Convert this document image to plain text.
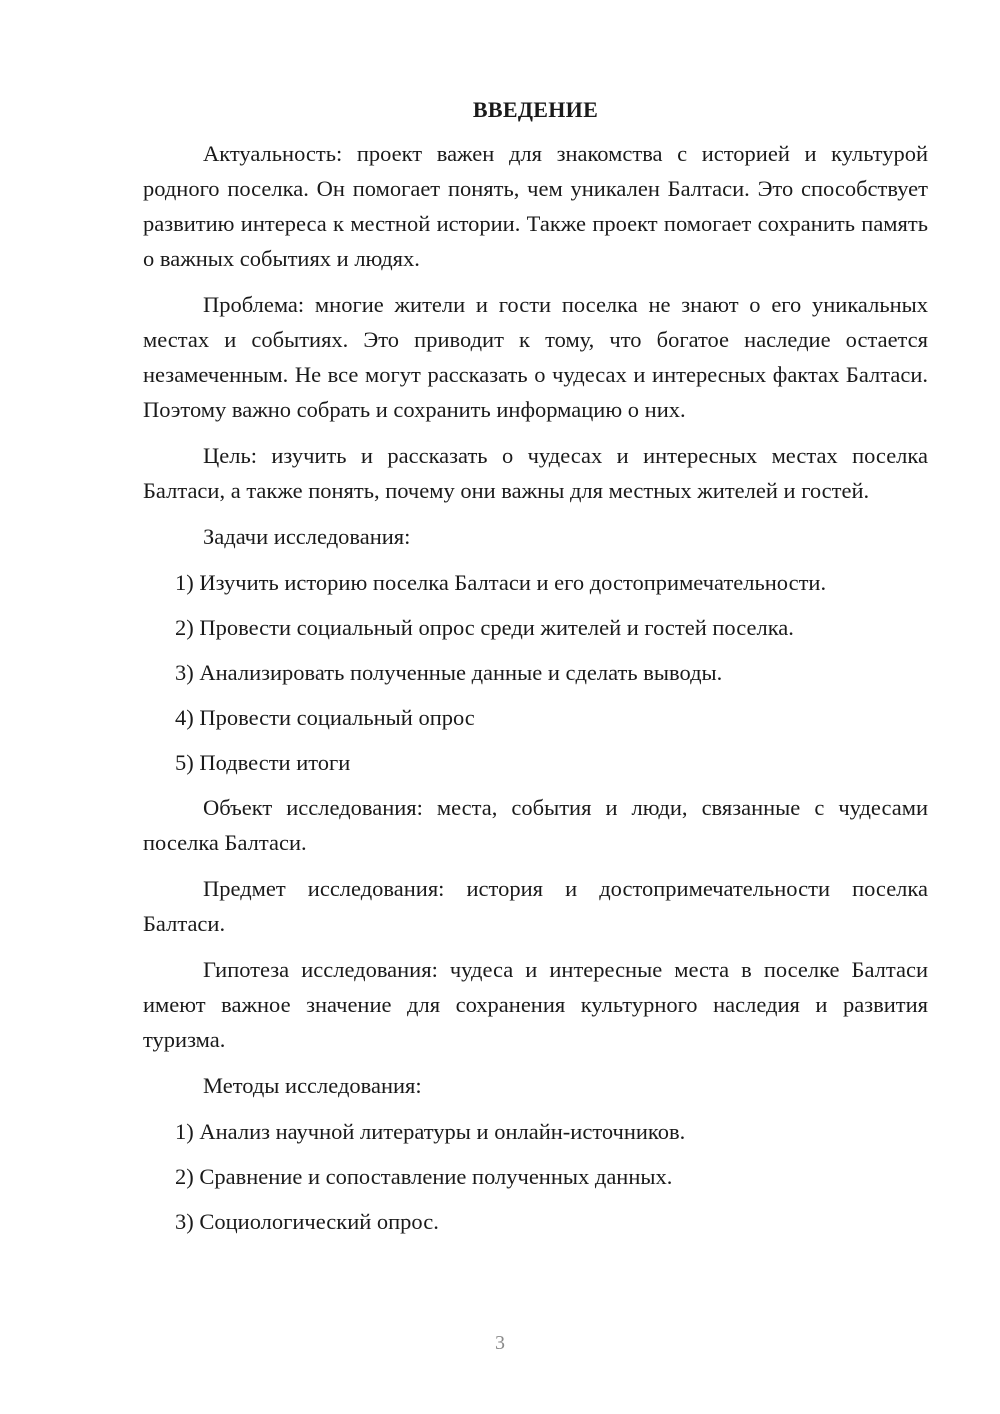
ВВЕДЕНИЕ

Актуальность: проект важен для знакомства с историей и культурой родного поселка. Он помогает понять, чем уникален Балтаси. Это способствует развитию интереса к местной истории. Также проект помогает сохранить память о важных событиях и людях.

Проблема: многие жители и гости поселка не знают о его уникальных местах и событиях. Это приводит к тому, что богатое наследие остается незамеченным. Не все могут рассказать о чудесах и интересных фактах Балтаси. Поэтому важно собрать и сохранить информацию о них.

Цель: изучить и рассказать о чудесах и интересных местах поселка Балтаси, а также понять, почему они важны для местных жителей и гостей.

Задачи исследования:

1) Изучить историю поселка Балтаси и его достопримечательности.

2) Провести социальный опрос среди жителей и гостей поселка.

3) Анализировать полученные данные и сделать выводы.

4) Провести социальный опрос

5) Подвести итоги

Объект исследования: места, события и люди, связанные с чудесами поселка Балтаси.

Предмет исследования: история и достопримечательности поселка Балтаси.

Гипотеза исследования: чудеса и интересные места в поселке Балтаси имеют важное значение для сохранения культурного наследия и развития туризма.

Методы исследования:

1) Анализ научной литературы и онлайн-источников.

2) Сравнение и сопоставление полученных данных.

3) Социологический опрос.

3
